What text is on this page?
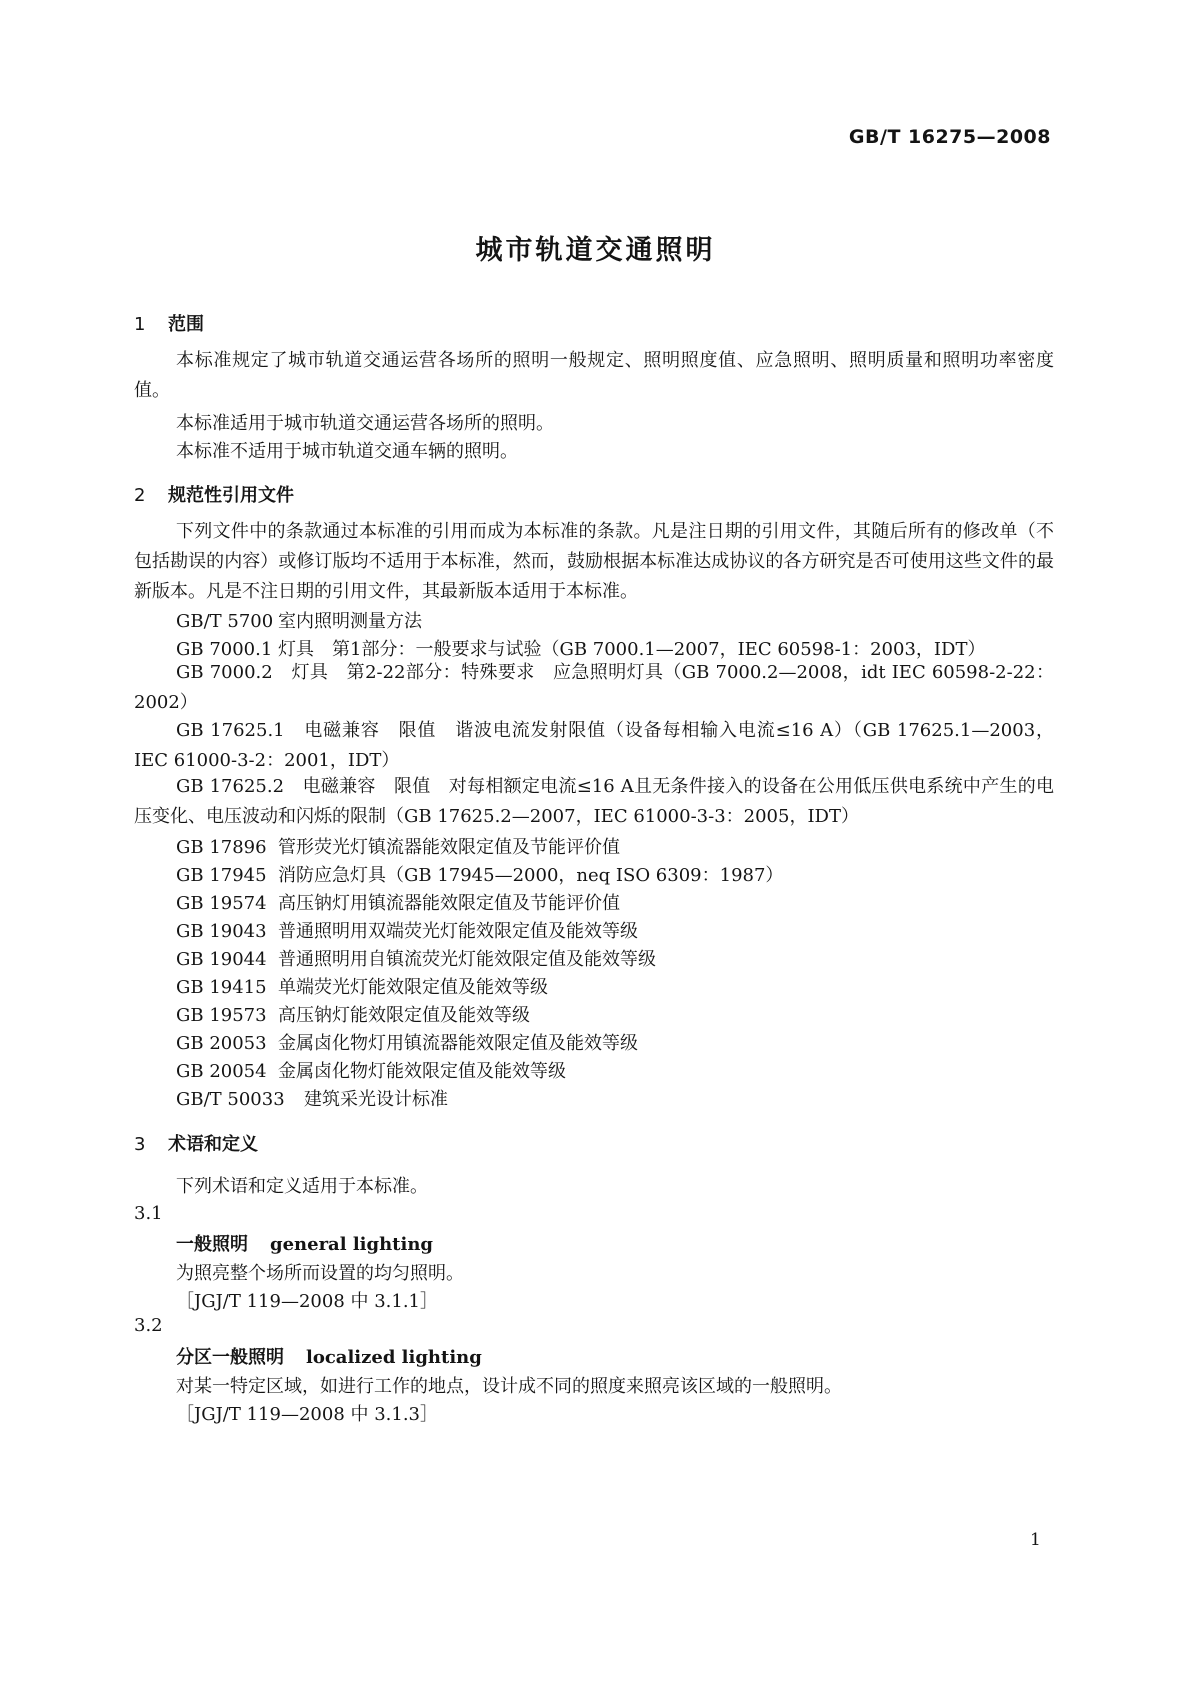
GB/T 16275—2008
城市轨道交通照明
1 范围
本标准规定了城市轨道交通运营各场所的照明一般规定、照明照度值、应急照明、照明质量和照明功率密度值。
本标准适用于城市轨道交通运营各场所的照明。
本标准不适用于城市轨道交通车辆的照明。
2 规范性引用文件
下列文件中的条款通过本标准的引用而成为本标准的条款。凡是注日期的引用文件，其随后所有的修改单（不包括勘误的内容）或修订版均不适用于本标准，然而，鼓励根据本标准达成协议的各方研究是否可使用这些文件的最新版本。凡是不注日期的引用文件，其最新版本适用于本标准。
GB/T 5700 室内照明测量方法
GB 7000.1 灯具　第1部分：一般要求与试验（GB 7000.1—2007，IEC 60598-1：2003，IDT）
GB 7000.2　 灯具　第2-22部分：特殊要求　应急照明灯具（GB 7000.2—2008，idt IEC 60598-2-22：2002）
GB 17625.1　 电磁兼容　限值　谐波电流发射限值（设备每相输入电流≤16 A）（GB 17625.1—2003，IEC 61000-3-2：2001，IDT）
GB 17625.2　 电磁兼容　限值　对每相额定电流≤16 A且无条件接入的设备在公用低压供电系统中产生的电压变化、电压波动和闪烁的限制（GB 17625.2—2007，IEC 61000-3-3：2005，IDT）
GB 17896 管形荧光灯镇流器能效限定值及节能评价值
GB 17945 消防应急灯具（GB 17945—2000，neq ISO 6309：1987）
GB 19574 高压钠灯用镇流器能效限定值及节能评价值
GB 19043 普通照明用双端荧光灯能效限定值及能效等级
GB 19044 普通照明用自镇流荧光灯能效限定值及能效等级
GB 19415 单端荧光灯能效限定值及能效等级
GB 19573 高压钠灯能效限定值及能效等级
GB 20053 金属卤化物灯用镇流器能效限定值及能效等级
GB 20054 金属卤化物灯能效限定值及能效等级
GB/T 50033 建筑采光设计标准
3 术语和定义
下列术语和定义适用于本标准。
3.1
一般照明 general lighting
为照亮整个场所而设置的均匀照明。
［JGJ/T 119—2008 中 3.1.1］
3.2
分区一般照明 localized lighting
对某一特定区域，如进行工作的地点，设计成不同的照度来照亮该区域的一般照明。
［JGJ/T 119—2008 中 3.1.3］
1
